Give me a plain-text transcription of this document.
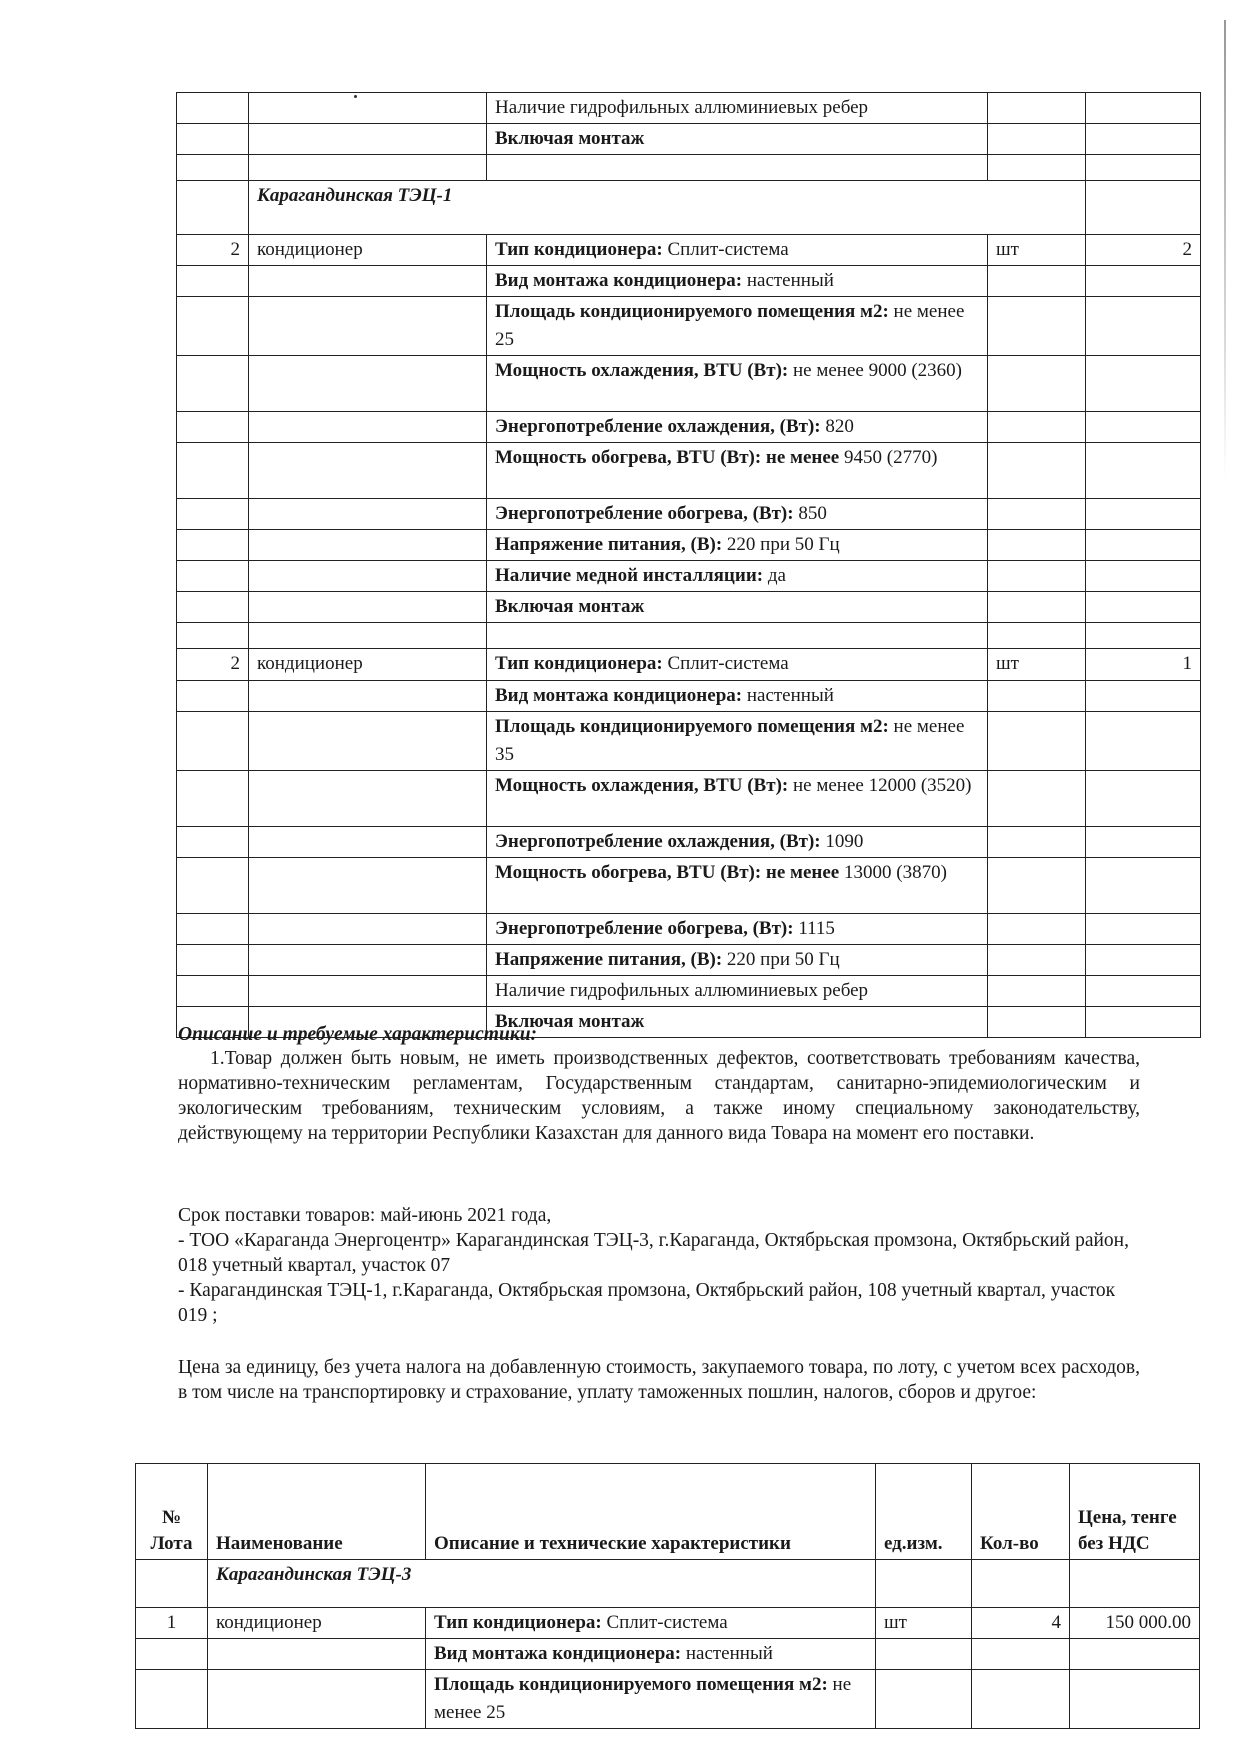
		Наличие гидрофильных аллюминиевых ребер		
		Включая монтаж		

	Карагандинская ТЭЦ-1			
2	кондиционер	Тип кондиционера: Сплит-система	шт	2
		Вид монтажа кондиционера: настенный		
		Площадь кондиционируемого помещения м2: не менее 25		
		Мощность охлаждения, BTU (Вт): не менее 9000 (2360)		
		Энергопотребление охлаждения, (Вт): 820		
		Мощность обогрева, BTU (Вт): не менее 9450 (2770)		
		Энергопотребление обогрева, (Вт): 850		
		Напряжение питания, (В): 220 при 50 Гц		
		Наличие медной инсталляции: да		
		Включая монтаж		

2	кондиционер	Тип кондиционера: Сплит-система	шт	1
		Вид монтажа кондиционера: настенный		
		Площадь кондиционируемого помещения м2: не менее 35		
		Мощность охлаждения, BTU (Вт): не менее 12000 (3520)		
		Энергопотребление охлаждения, (Вт): 1090		
		Мощность обогрева, BTU (Вт): не менее 13000 (3870)		
		Энергопотребление обогрева, (Вт): 1115		
		Напряжение питания, (В): 220 при 50 Гц		
		Наличие гидрофильных аллюминиевых ребер		
		Включая монтаж		
Описание и требуемые характеристики:

1.Товар должен быть новым, не иметь производственных дефектов, соответствовать требованиям качества, нормативно-техническим регламентам, Государственным стандартам, санитарно-эпидемиологическим и экологическим требованиям, техническим условиям, а также иному специальному законодательству, действующему на территории Республики Казахстан для данного вида Товара на момент его поставки.

Срок поставки товаров: май-июнь 2021 года,

- ТОО «Караганда Энергоцентр» Карагандинская ТЭЦ-3, г.Караганда, Октябрьская промзона, Октябрьский район, 018 учетный квартал, участок 07

- Карагандинская ТЭЦ-1, г.Караганда, Октябрьская промзона, Октябрьский район, 108 учетный квартал, участок 019 ;

Цена за единицу, без учета налога на добавленную стоимость, закупаемого товара, по лоту, с учетом всех расходов, в том числе на транспортировку и страхование, уплату таможенных пошлин, налогов, сборов и другое:

№ Лота	Наименование	Описание и технические характеристики	ед.изм.	Кол-во	Цена, тенге без НДС
	Карагандинская ТЭЦ-3				
1	кондиционер	Тип кондиционера: Сплит-система	шт	4	150 000.00
		Вид монтажа кондиционера: настенный			
		Площадь кондиционируемого помещения м2: не менее 25			
